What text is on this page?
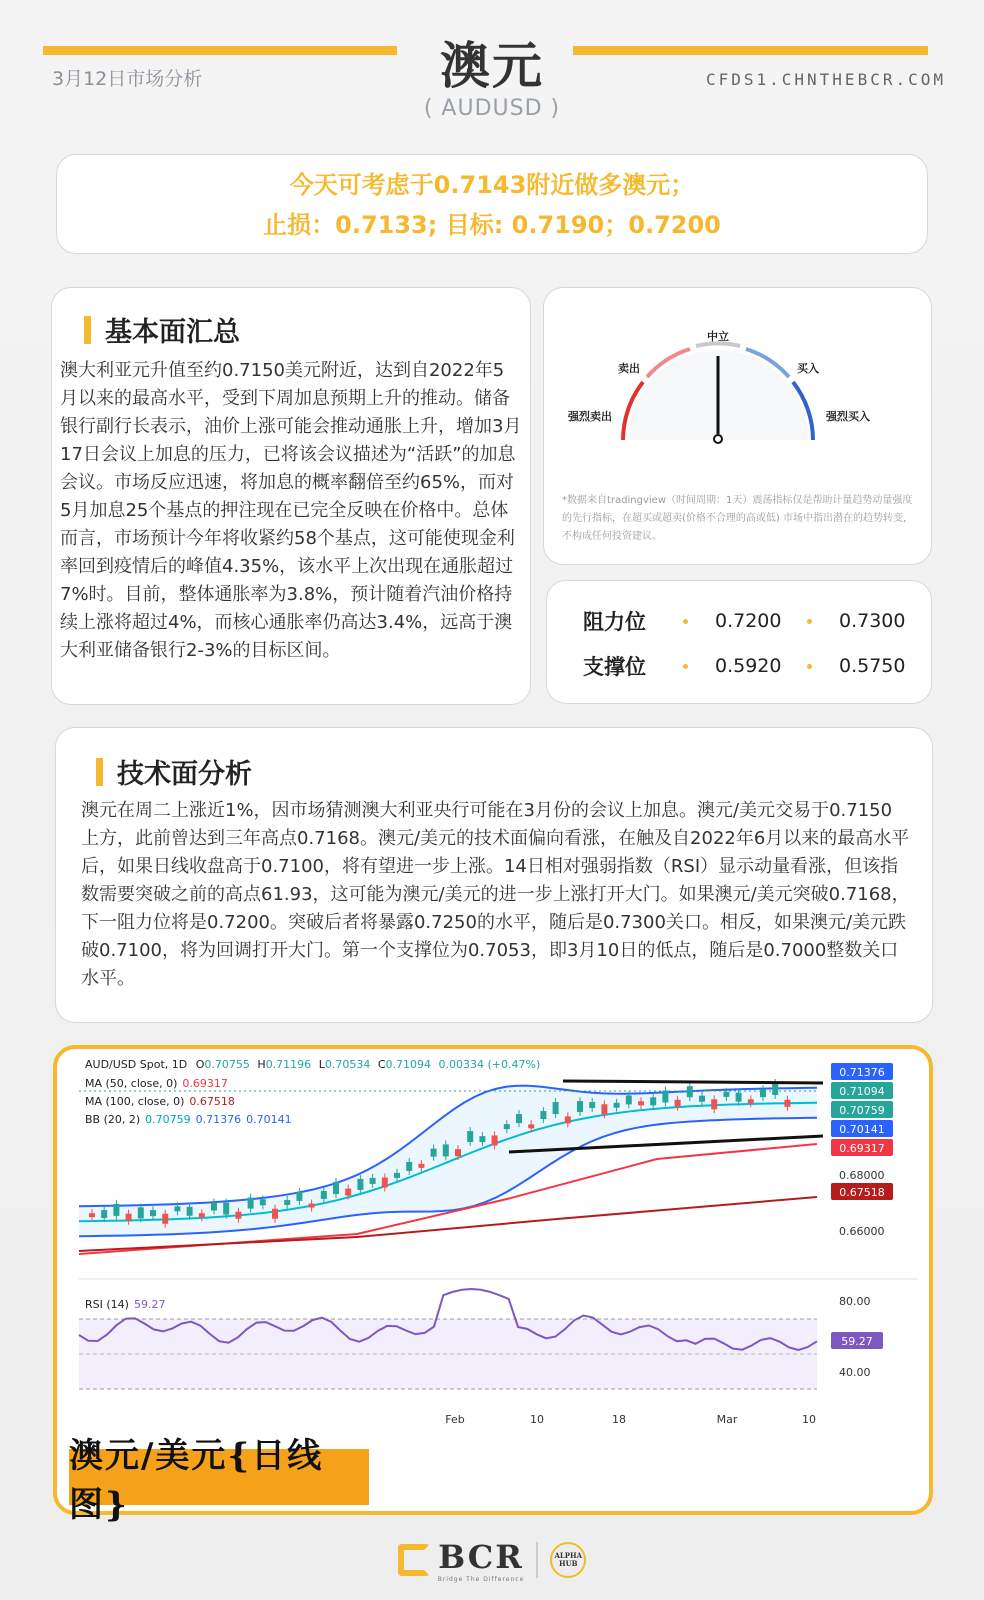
3月12日市场分析	澳元
( AUDUSD )
CFDS1.CHNTHEBCR.COM
今天可考虑于0.7143附近做多澳元；
止损：0.7133; 目标: 0.7190；0.7200
基本面汇总
澳大利亚元升值至约0.7150美元附近，达到自2022年5月以来的最高水平，受到下周加息预期上升的推动。储备银行副行长表示，油价上涨可能会推动通胀上升，增加3月17日会议上加息的压力，已将该会议描述为“活跃”的加息会议。市场反应迅速，将加息的概率翻倍至约65%，而对5月加息25个基点的押注现在已完全反映在价格中。总体而言，市场预计今年将收紧约58个基点，这可能使现金利率回到疫情后的峰值4.35%，该水平上次出现在通胀超过7%时。目前，整体通胀率为3.8%，预计随着汽油价格持续上涨将超过4%，而核心通胀率仍高达3.4%，远高于澳大利亚储备银行2-3%的目标区间。
中立
卖出	买入
强烈卖出	强烈买入
*数据来自tradingview（时间周期：1天）震荡指标仅是帮助计量趋势动量强度的先行指标，在超买或超卖(价格不合理的高或低) 市场中指出潜在的趋势转变，不构成任何投资建议。
阻力位	0.7200	0.7300
支撑位	0.5920	0.5750
技术面分析
澳元在周二上涨近1%，因市场猜测澳大利亚央行可能在3月份的会议上加息。澳元/美元交易于0.7150上方，此前曾达到三年高点0.7168。澳元/美元的技术面偏向看涨，在触及自2022年6月以来的最高水平后，如果日线收盘高于0.7100，将有望进一步上涨。14日相对强弱指数（RSI）显示动量看涨，但该指数需要突破之前的高点61.93，这可能为澳元/美元的进一步上涨打开大门。如果澳元/美元突破0.7168，下一阻力位将是0.7200。突破后者将暴露0.7250的水平，随后是0.7300关口。相反，如果澳元/美元跌破0.7100，将为回调打开大门。第一个支撑位为0.7053，即3月10日的低点，随后是0.7000整数关口水平。
0.68000
0.66000
0.71376
0.71094
0.70759
0.70141
0.69317
0.67518
80.00
40.00
59.27
Feb	10	18	Mar	10
AUD/USD Spot, 1D O0.70755 H0.71196 L0.70534 C0.71094 0.00334 (+0.47%)
MA (50, close, 0) 0.69317
MA (100, close, 0) 0.67518
BB (20, 2) 0.70759 0.71376 0.70141
RSI (14) 59.27
澳元/美元{日线图}
BCR
Bridge The Difference
ALPHA HUB
